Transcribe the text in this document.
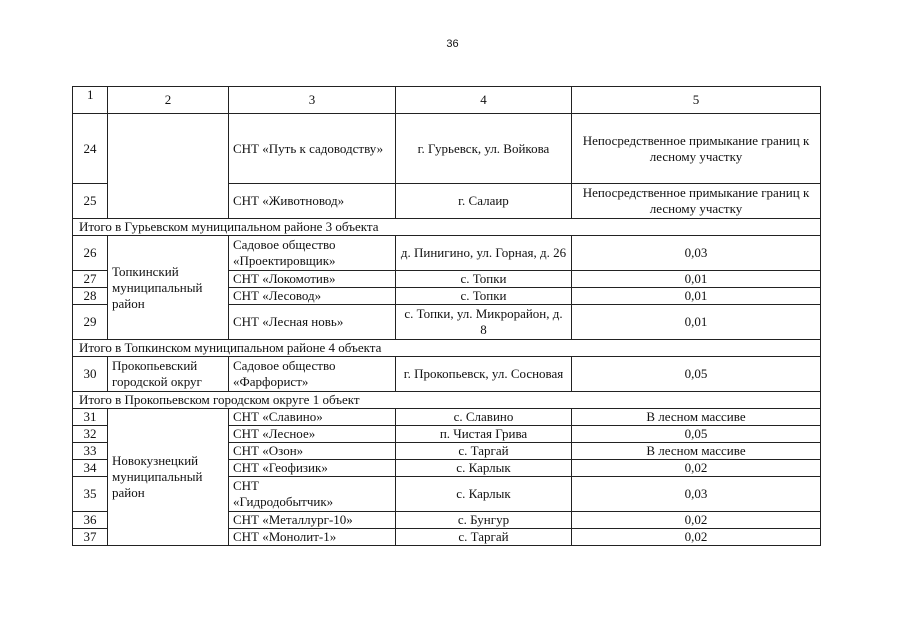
36
1	2	3	4	5
24		СНТ «Путь к садоводству»	г. Гурьевск, ул. Войкова	Непосредственное примыкание границ к лесному участку
25		СНТ «Животновод»	г. Салаир	Непосредственное примыкание границ к лесному участку
Итого в Гурьевском муниципальном районе 3 объекта				
26	Топкинский муниципальный район	Садовое общество «Проектировщик»	д. Пинигино, ул. Горная, д. 26	0,03
27		СНТ «Локомотив»	с. Топки	0,01
28		СНТ «Лесовод»	с. Топки	0,01
29		СНТ «Лесная новь»	с. Топки, ул. Микрорайон, д. 8	0,01
Итого в Топкинском муниципальном районе 4 объекта				
30	Прокопьевский городской округ	Садовое общество «Фарфорист»	г. Прокопьевск, ул. Сосновая	0,05
Итого в Прокопьевском городском округе 1 объект				
31	Новокузнецкий муниципальный район	СНТ «Славино»	с. Славино	В лесном массиве
32		СНТ «Лесное»	п. Чистая Грива	0,05
33		СНТ «Озон»	с. Таргай	В лесном массиве
34		СНТ «Геофизик»	с. Карлык	0,02
35		СНТ «Гидродобытчик»	с. Карлык	0,03
36		СНТ «Металлург-10»	с. Бунгур	0,02
37		СНТ «Монолит-1»	с. Таргай	0,02
